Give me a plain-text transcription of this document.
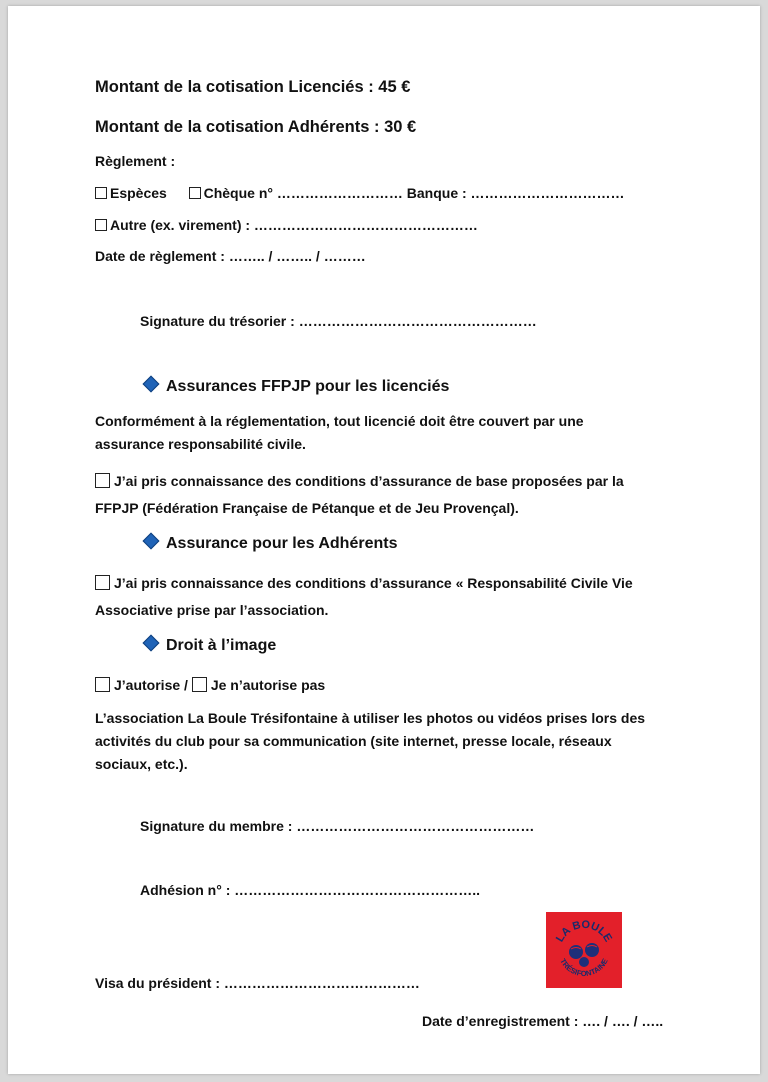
Montant de la cotisation Licenciés : 45 €
Montant de la cotisation Adhérents : 30 €
Règlement :
Espèces	Chèque n° ……………………… Banque : ……………………………
Autre (ex. virement) : …………………………………………
Date de règlement : …….. / …….. / ………
Signature du trésorier : ……………………………………………
Assurances FFPJP pour les licenciés
Conformément à la réglementation, tout licencié doit être couvert par une
assurance responsabilité civile.
J’ai pris connaissance des conditions d’assurance de base proposées par la
FFPJP (Fédération Française de Pétanque et de Jeu Provençal).
Assurance pour les Adhérents
J’ai pris connaissance des conditions d’assurance « Responsabilité Civile Vie
Associative prise par l’association.
Droit à l’image
J’autorise / Je n’autorise pas
L’association La Boule Trésifontaine à utiliser les photos ou vidéos prises lors des
activités du club pour sa communication (site internet, presse locale, réseaux
sociaux, etc.).
Signature du membre : ……………………………………………
Adhésion n° : ……………………………………………..
LA BOULE
TRÉSIFONTAINE
Visa du président : ……………………………………
Date d’enregistrement : …. / …. / …..
